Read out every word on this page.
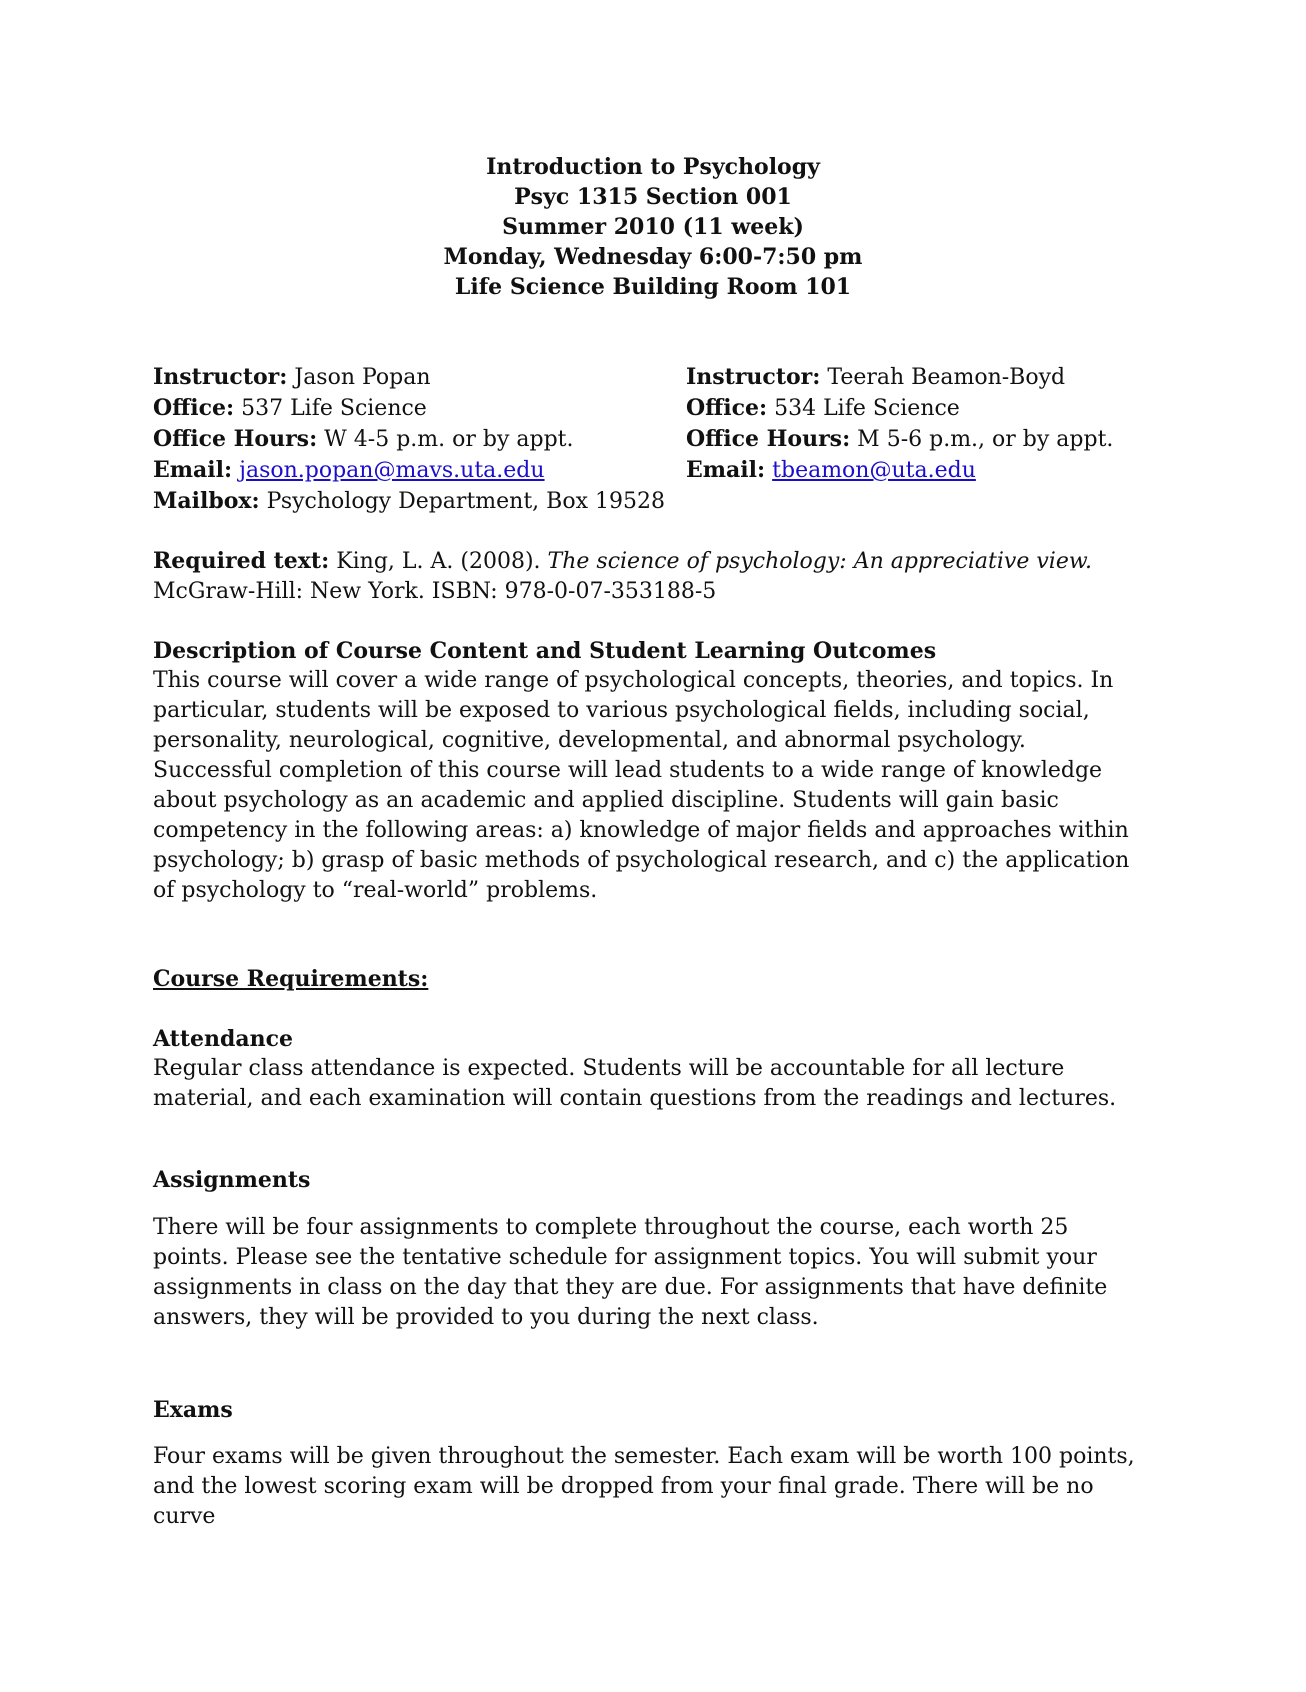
Introduction to Psychology
Psyc 1315 Section 001
Summer 2010 (11 week)
Monday, Wednesday 6:00-7:50 pm
Life Science Building Room 101
Instructor: Jason Popan
Office: 537 Life Science
Office Hours: W 4-5 p.m. or by appt.
Email: jason.popan@mavs.uta.edu
Mailbox: Psychology Department, Box 19528
Instructor: Teerah Beamon-Boyd
Office: 534 Life Science
Office Hours: M 5-6 p.m., or by appt.
Email: tbeamon@uta.edu

Required text: King, L. A. (2008). The science of psychology: An appreciative view. McGraw-Hill: New York. ISBN: 978-0-07-353188-5

Description of Course Content and Student Learning Outcomes

This course will cover a wide range of psychological concepts, theories, and topics. In particular, students will be exposed to various psychological fields, including social, personality, neurological, cognitive, developmental, and abnormal psychology. Successful completion of this course will lead students to a wide range of knowledge about psychology as an academic and applied discipline. Students will gain basic competency in the following areas: a) knowledge of major fields and approaches within psychology; b) grasp of basic methods of psychological research, and c) the application of psychology to “real-world” problems.

Course Requirements:

Attendance

Regular class attendance is expected. Students will be accountable for all lecture material, and each examination will contain questions from the readings and lectures.

Assignments

There will be four assignments to complete throughout the course, each worth 25 points. Please see the tentative schedule for assignment topics. You will submit your assignments in class on the day that they are due. For assignments that have definite answers, they will be provided to you during the next class.

Exams

Four exams will be given throughout the semester. Each exam will be worth 100 points, and the lowest scoring exam will be dropped from your final grade. There will be no curve
